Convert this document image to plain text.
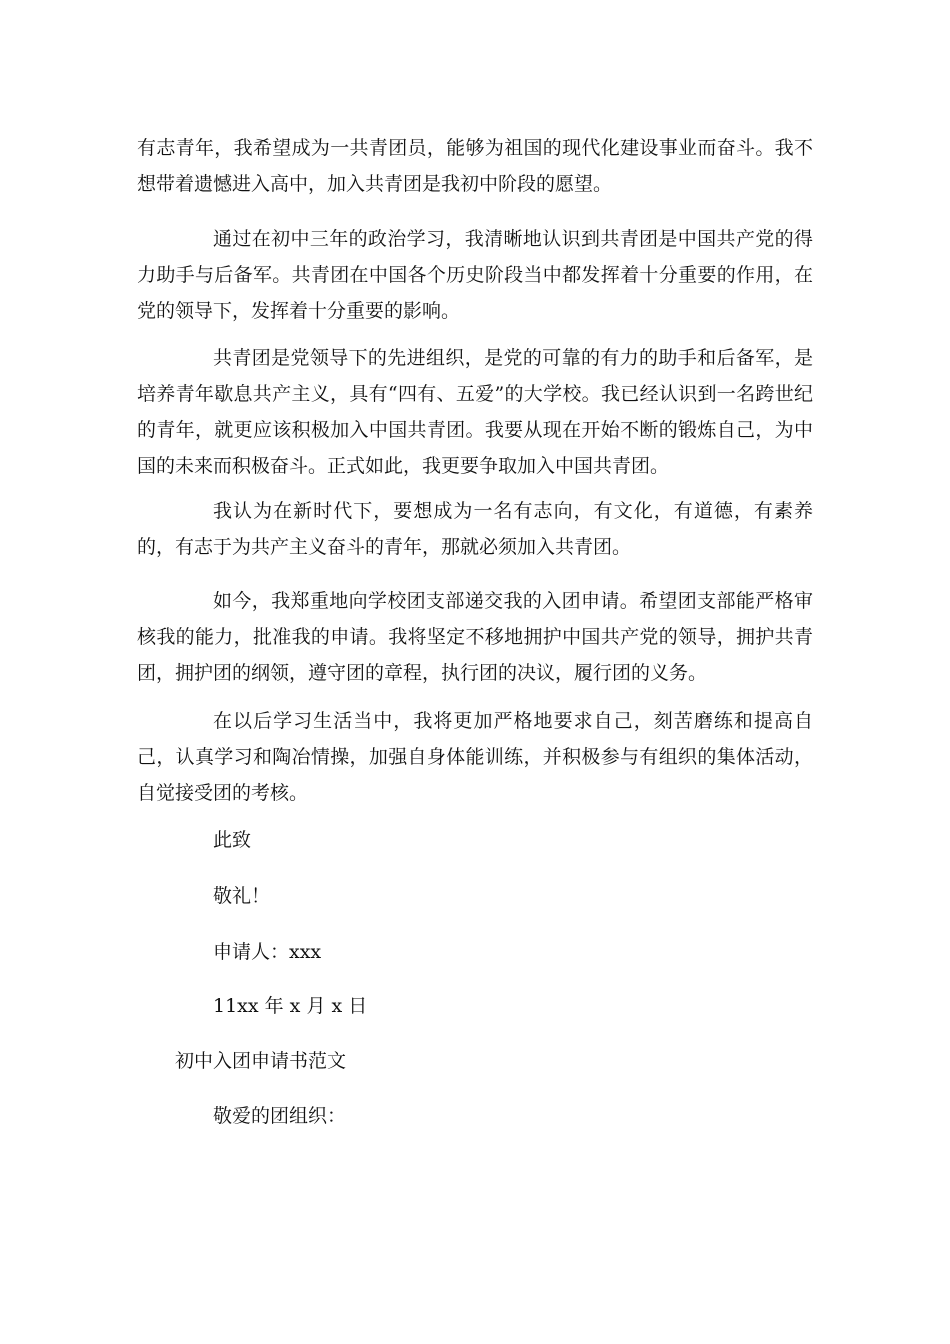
有志青年，我希望成为一共青团员，能够为祖国的现代化建设事业而奋斗。我不想带着遗憾进入高中，加入共青团是我初中阶段的愿望。

通过在初中三年的政治学习，我清晰地认识到共青团是中国共产党的得力助手与后备军。共青团在中国各个历史阶段当中都发挥着十分重要的作用，在党的领导下，发挥着十分重要的影响。

共青团是党领导下的先进组织，是党的可靠的有力的助手和后备军，是培养青年歇息共产主义，具有“四有、五爱”的大学校。我已经认识到一名跨世纪的青年，就更应该积极加入中国共青团。我要从现在开始不断的锻炼自己，为中国的未来而积极奋斗。正式如此，我更要争取加入中国共青团。

我认为在新时代下，要想成为一名有志向，有文化，有道德，有素养的，有志于为共产主义奋斗的青年，那就必须加入共青团。

如今，我郑重地向学校团支部递交我的入团申请。希望团支部能严格审核我的能力，批准我的申请。我将坚定不移地拥护中国共产党的领导，拥护共青团，拥护团的纲领，遵守团的章程，执行团的决议，履行团的义务。

在以后学习生活当中，我将更加严格地要求自己，刻苦磨练和提高自己，认真学习和陶冶情操，加强自身体能训练，并积极参与有组织的集体活动，自觉接受团的考核。

此致

敬礼！

申请人：xxx

11xx 年 x 月 x 日

初中入团申请书范文

敬爱的团组织：
